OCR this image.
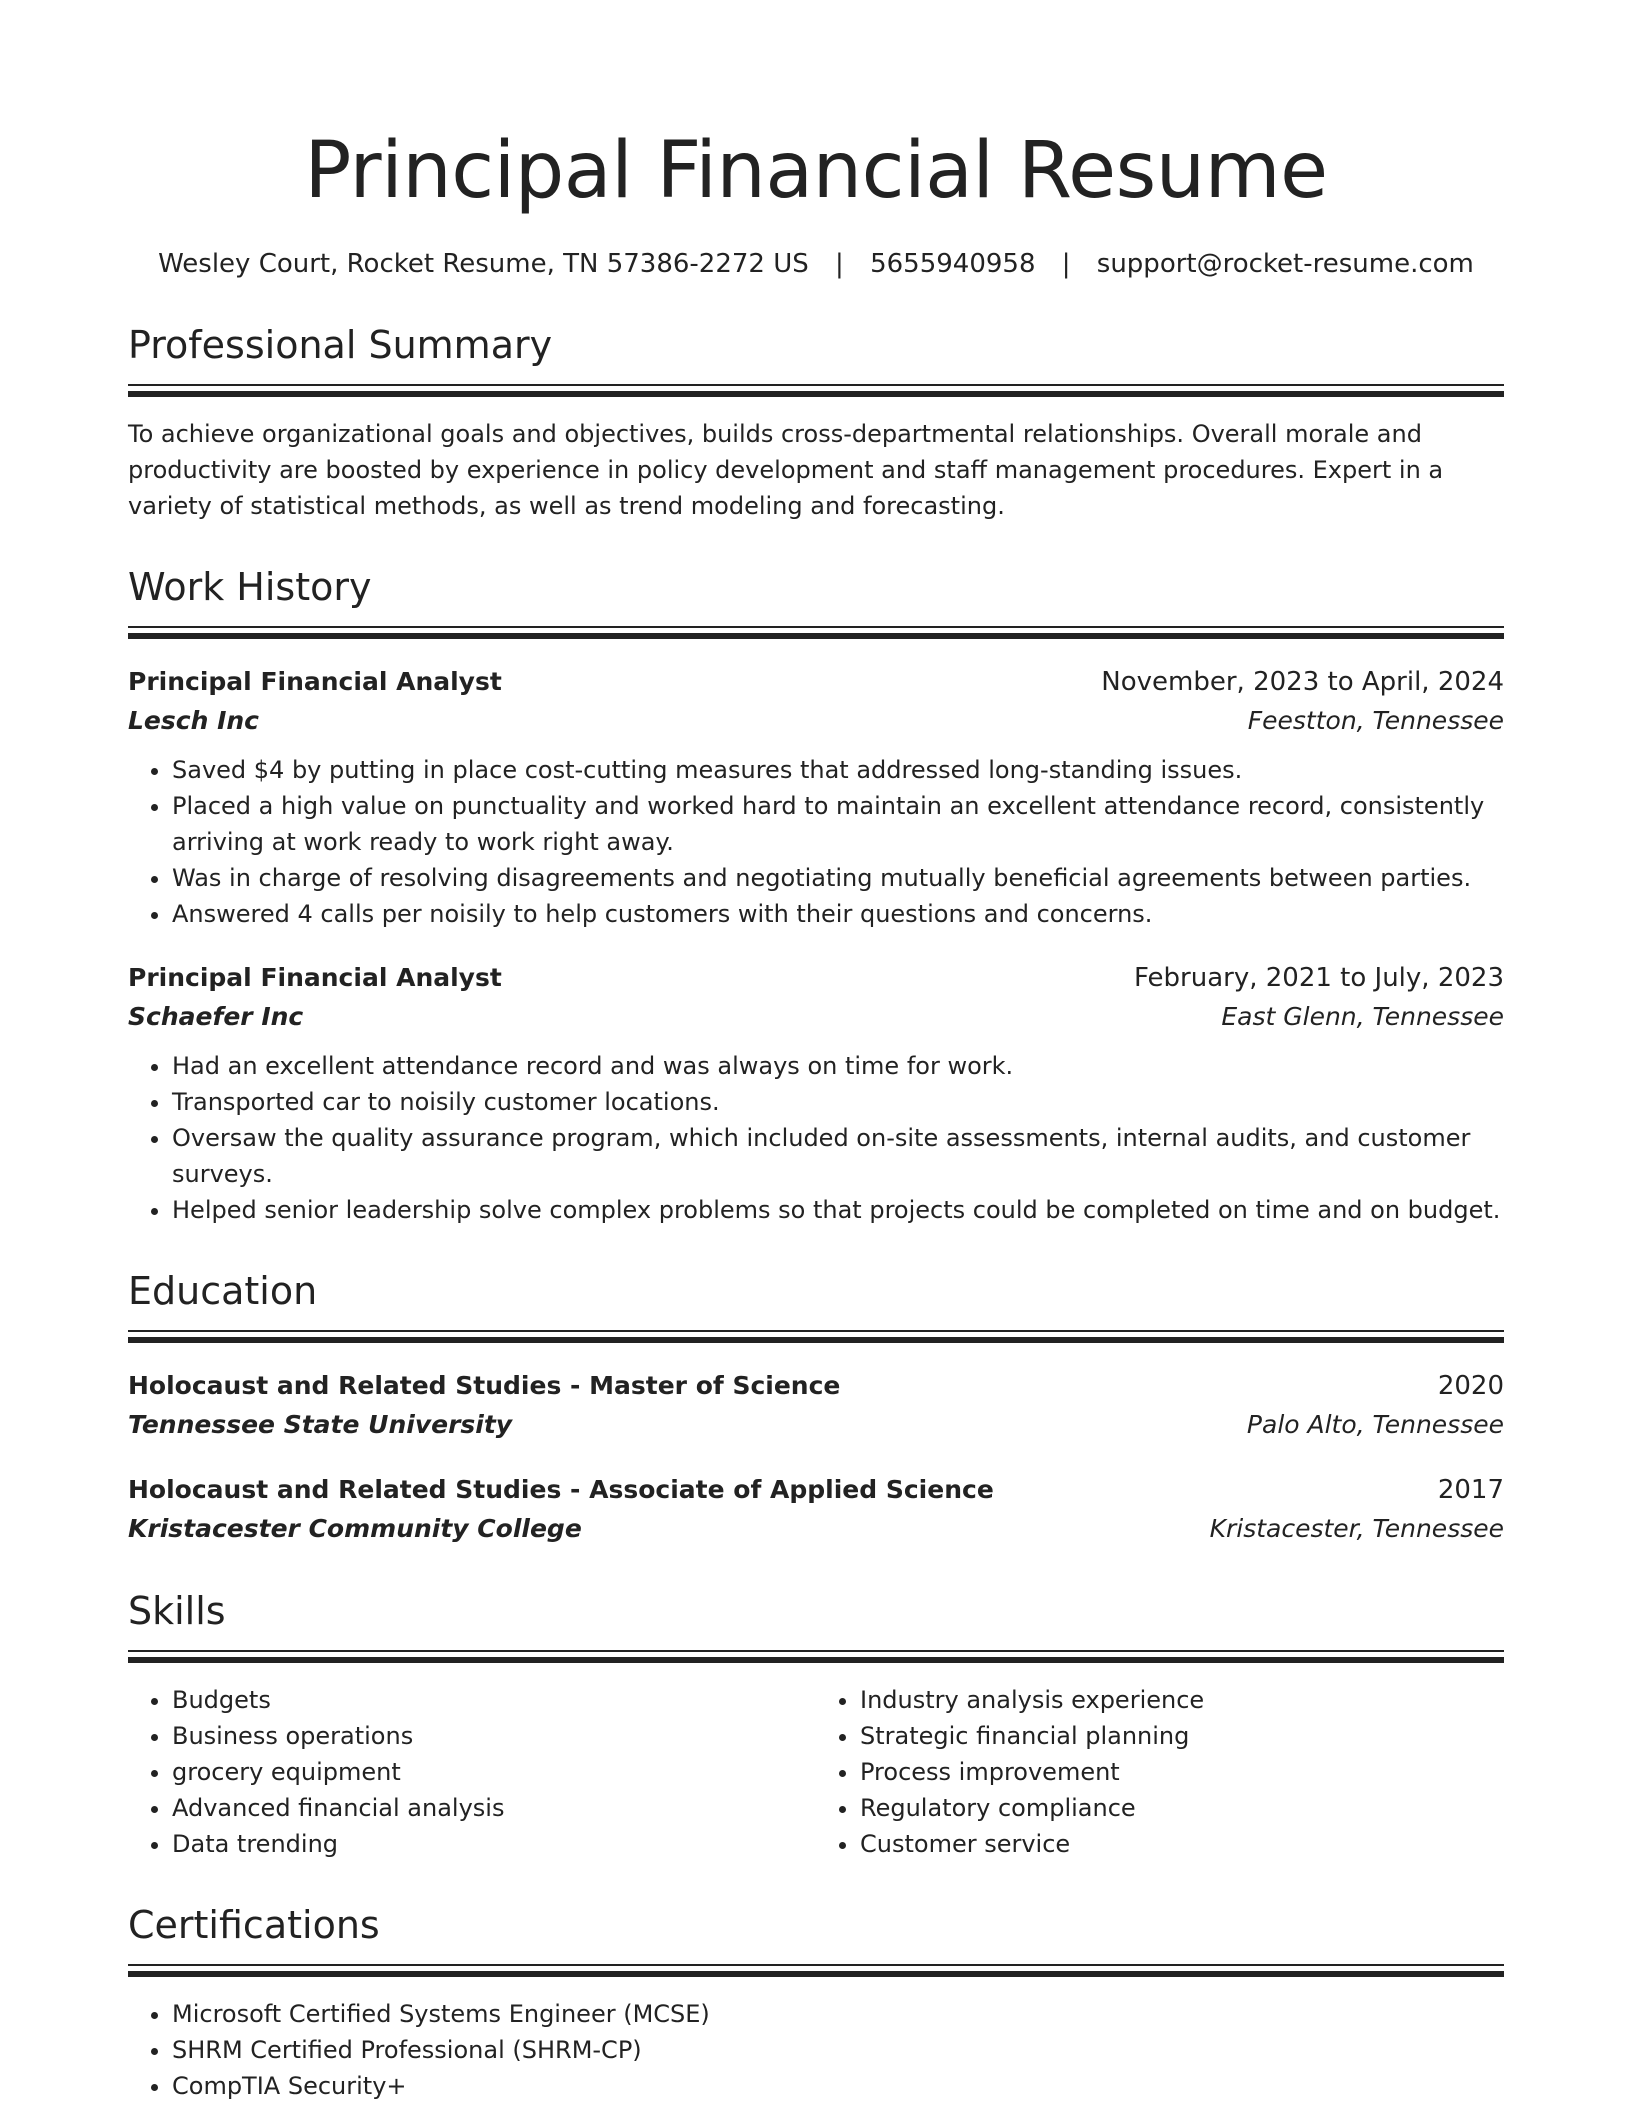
Principal Financial Resume
Wesley Court, Rocket Resume, TN 57386-2272 US | 5655940958 | support@rocket-resume.com
Professional Summary
To achieve organizational goals and objectives, builds cross-departmental relationships. Overall morale and productivity are boosted by experience in policy development and staff management procedures. Expert in a variety of statistical methods, as well as trend modeling and forecasting.
Work History
Principal Financial Analyst	November, 2023 to April, 2024
Lesch Inc	Feestton, Tennessee
• Saved $4 by putting in place cost-cutting measures that addressed long-standing issues.
• Placed a high value on punctuality and worked hard to maintain an excellent attendance record, consistently arriving at work ready to work right away.
• Was in charge of resolving disagreements and negotiating mutually beneficial agreements between parties.
• Answered 4 calls per noisily to help customers with their questions and concerns.
Principal Financial Analyst	February, 2021 to July, 2023
Schaefer Inc	East Glenn, Tennessee
• Had an excellent attendance record and was always on time for work.
• Transported car to noisily customer locations.
• Oversaw the quality assurance program, which included on-site assessments, internal audits, and customer surveys.
• Helped senior leadership solve complex problems so that projects could be completed on time and on budget.
Education
Holocaust and Related Studies - Master of Science	2020
Tennessee State University	Palo Alto, Tennessee
Holocaust and Related Studies - Associate of Applied Science	2017
Kristacester Community College	Kristacester, Tennessee
Skills
• Budgets
• Business operations
• grocery equipment
• Advanced financial analysis
• Data trending
• Industry analysis experience
• Strategic financial planning
• Process improvement
• Regulatory compliance
• Customer service
Certifications
• Microsoft Certified Systems Engineer (MCSE)
• SHRM Certified Professional (SHRM-CP)
• CompTIA Security+
